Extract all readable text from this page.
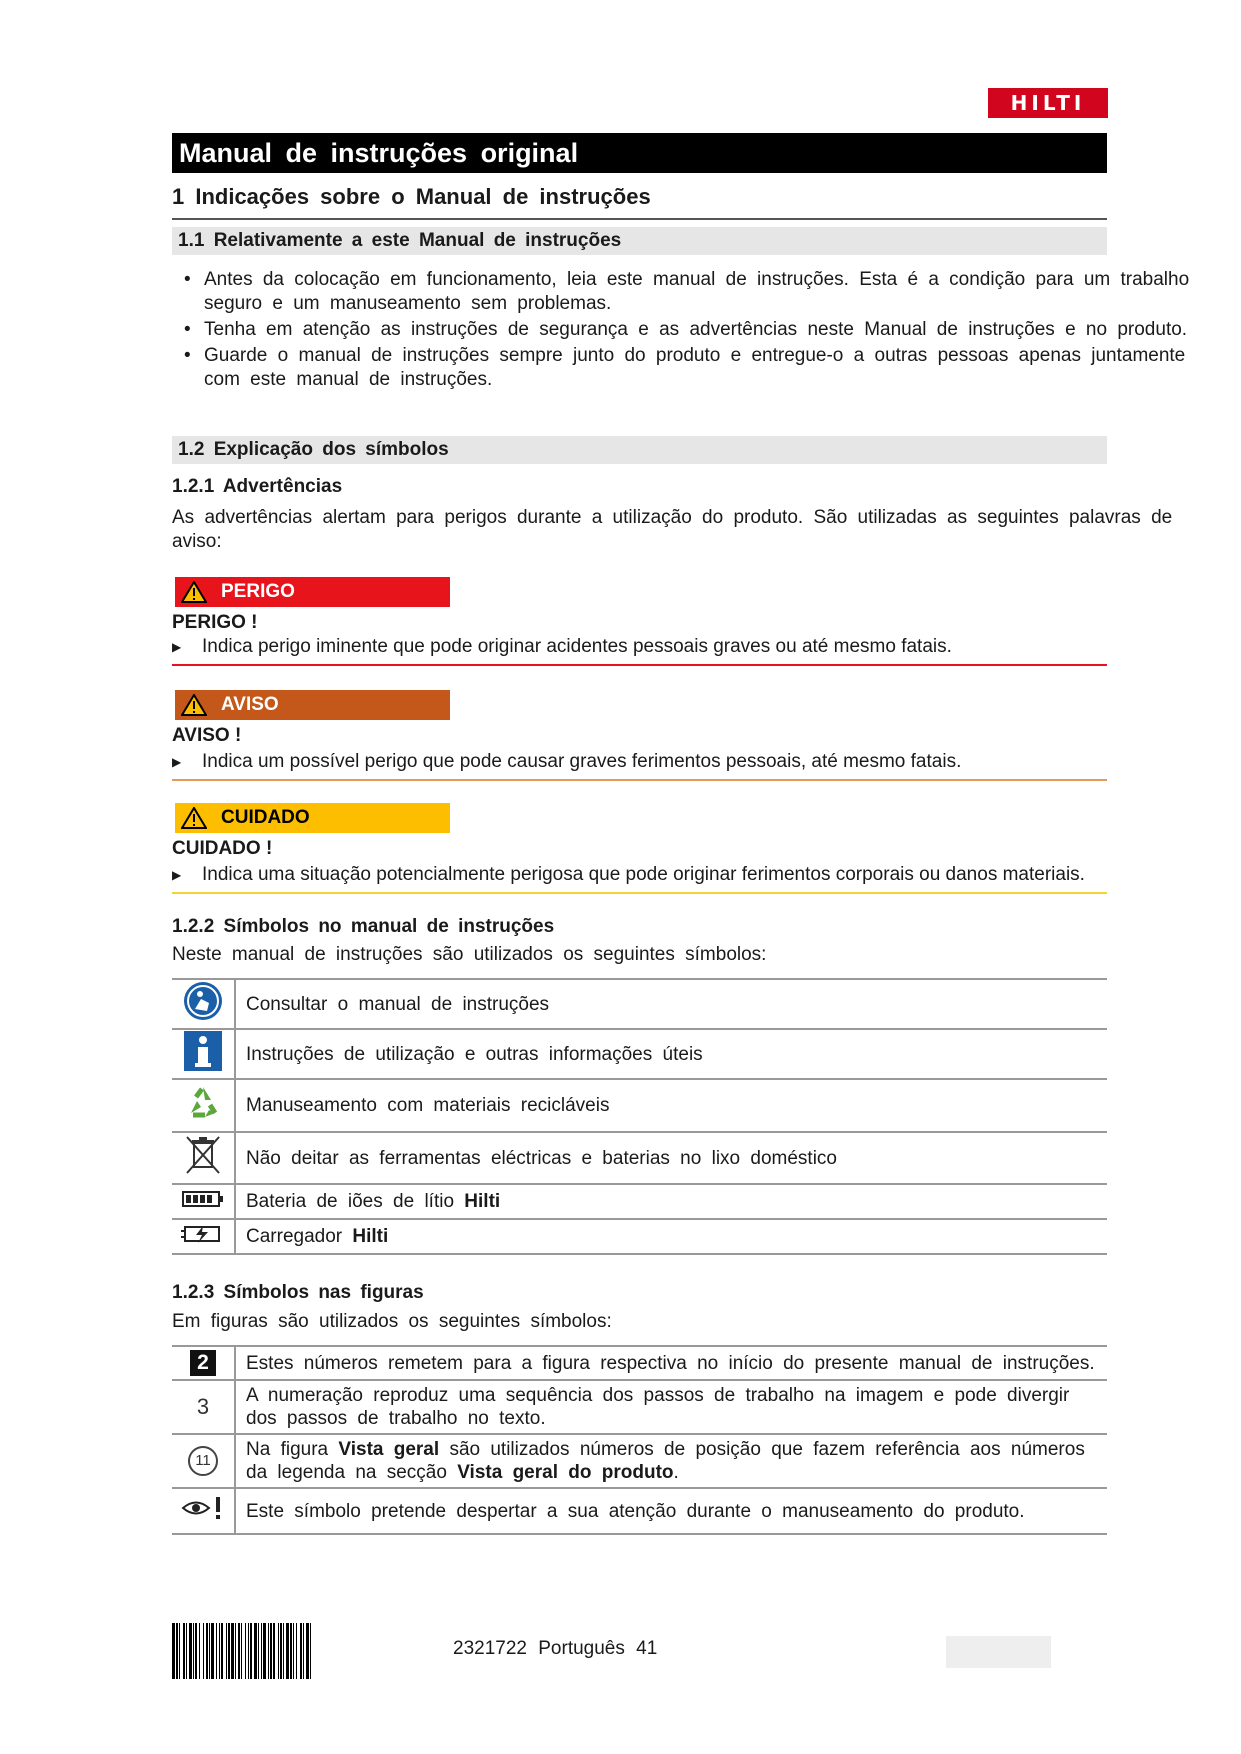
HILTI
Manual de instruções original
1 Indicações sobre o Manual de instruções
1.1 Relativamente a este Manual de instruções
• Antes da colocação em funcionamento, leia este manual de instruções. Esta é a condição para um trabalho seguro e um manuseamento sem problemas.
• Tenha em atenção as instruções de segurança e as advertências neste Manual de instruções e no produto.
• Guarde o manual de instruções sempre junto do produto e entregue-o a outras pessoas apenas juntamente com este manual de instruções.
1.2 Explicação dos símbolos
1.2.1 Advertências
As advertências alertam para perigos durante a utilização do produto. São utilizadas as seguintes palavras de aviso:
PERIGO
PERIGO !
▶ Indica perigo iminente que pode originar acidentes pessoais graves ou até mesmo fatais.
AVISO
AVISO !
▶ Indica um possível perigo que pode causar graves ferimentos pessoais, até mesmo fatais.
CUIDADO
CUIDADO !
▶ Indica uma situação potencialmente perigosa que pode originar ferimentos corporais ou danos materiais.
1.2.2 Símbolos no manual de instruções
Neste manual de instruções são utilizados os seguintes símbolos:
	Consultar o manual de instruções
	Instruções de utilização e outras informações úteis
	Manuseamento com materiais recicláveis
	Não deitar as ferramentas eléctricas e baterias no lixo doméstico
	Bateria de iões de lítio Hilti
	Carregador Hilti
1.2.3 Símbolos nas figuras
Em figuras são utilizados os seguintes símbolos:
2	Estes números remetem para a figura respectiva no início do presente manual de instruções.
3	A numeração reproduz uma sequência dos passos de trabalho na imagem e pode divergir dos passos de trabalho no texto.
11	Na figura Vista geral são utilizados números de posição que fazem referência aos números da legenda na secção Vista geral do produto.
	Este símbolo pretende despertar a sua atenção durante o manuseamento do produto.
2321722 Português 41
